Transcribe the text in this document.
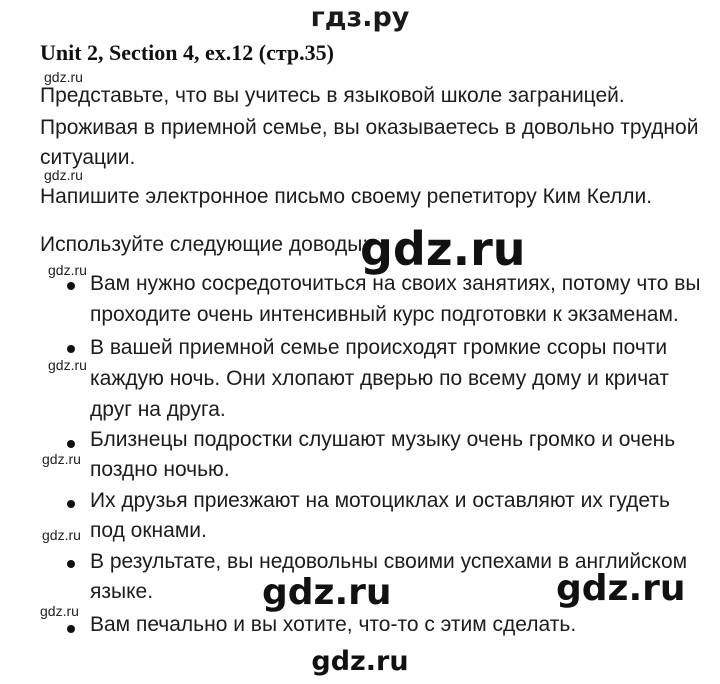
гдз.ру
Unit 2, Section 4, ex.12 (стр.35)
gdz.ru
gdz.ru
gdz.ru
gdz.ru
gdz.ru
gdz.ru
gdz.ru
Представьте, что вы учитесь в языковой школе заграницей.
Проживая в приемной семье, вы оказываетесь в довольно трудной
ситуации.
Напишите электронное письмо своему репетитору Ким Келли.
Используйте следующие доводы:
gdz.ru
gdz.ru	gdz.ru
gdz.ru
Вам нужно сосредоточиться на своих занятиях, потому что вы
проходите очень интенсивный курс подготовки к экзаменам.
В вашей приемной семье происходят громкие ссоры почти
каждую ночь. Они хлопают дверью по всему дому и кричат
друг на друга.
Близнецы подростки слушают музыку очень громко и очень
поздно ночью.
Их друзья приезжают на мотоциклах и оставляют их гудеть
под окнами.
В результате, вы недовольны своими успехами в английском
языке.
Вам печально и вы хотите, что-то с этим сделать.
